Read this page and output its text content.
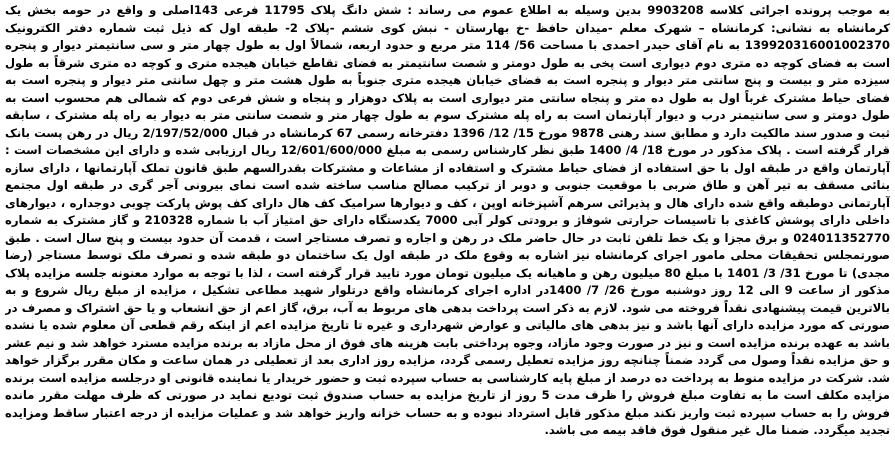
به موجب پرونده اجرائی کلاسه 9903208 بدین وسیله به اطلاع عموم می رساند : شش دانگ پلاک 11795 فرعی 143اصلی و واقع در حومه بخش یک کرمانشاه به نشانی: کرمانشاه – شهرک معلم -میدان حافظ -خ بهارستان - نبش کوی ششم -پلاک 2- طبقه اول که ذیل ثبت شماره دفتر الکترونیک 139920316001002370 به نام آقای حیدر احمدی با مساحت 56/ 114 متر مربع و حدود اربعه، شمالاً اول به طول چهار متر و سی سانتیمتر دیوار و پنجره است به فضای کوچه ده متری دوم دیواری است پخی به طول دومتر و شصت سانتیمتر به فضای تقاطع خیابان هیجده متری و کوچه ده متری شرقاً به طول سیزده متر و بیست و پنج سانتی متر دیوار و پنجره است به فضای خیابان هیجده متری جنوباً به طول هشت متر و چهل سانتی متر دیوار و پنجره است به فضای حیاط مشترک غرباً اول به طول ده متر و پنجاه سانتی متر دیواری است به پلاک دوهزار و پنجاه و شش فرعی دوم که شمالی هم محسوب است به طول دومتر و سی سانتیمتر درب و دیوار آپارتمان است به راه پله مشترک سوم به طول چهار متر و شصت سانتی متر به دیوار به راه پله مشترک ، سابقه ثبت و صدور سند مالکیت دارد و مطابق سند رهنی 9878 مورخ 15/ 12/ 1396 دفترخانه رسمی 67 کرمانشاه در قبال 2/197/52/000 ریال در رهن پست بانک قرار گرفته است . پلاک مذکور در مورخ 18/ 4/ 1400 طبق نظر کارشناس رسمی به مبلغ 12/601/600/000 ریال ارزیابی شده و دارای این مشخصات است : آپارتمان واقع در طبقه اول با حق استفاده از فضای حیاط مشترک و استفاده از مشاعات و مشترکات بقدرالسهم طبق قانون تملک آپارتمانها ، دارای سازه بنائی مسقف به تیر آهن و طاق ضربی با موقعیت جنوبی و دوبر از ترکیب مصالح مناسب ساخته شده است نمای بیرونی آجر گری در طبقه اول مجتمع آپارتمانی دوطبقه واقع شده دارای هال و پذیرائی سرهم آشپزخانه اوپن ، کف و دیوارها سرامیک کف هال دارای کف پوش پارکت چوبی دوجداره ، دیوارهای داخلی دارای پوشش کاغذی با تاسیسات حرارتی شوفاژ و برودتی کولر آبی 7000 یکدستگاه دارای حق امتیاز آب با شماره 210328 و گاز مشترک به شماره 024011352770 و برق مجزا و یک خط تلفن ثابت در حال حاضر ملک در رهن و اجاره و تصرف مستاجر است ، قدمت آن حدود بیست و پنج سال است . طبق صورتمجلس تحقیقات محلی مامور اجرای کرمانشاه نیز اشاره به وقوع ملک در طبقه اول یک ساختمان دو طبقه شده و تصرف ملک توسط مستاجر (رضا مجدی) تا مورخ 31/ 3/ 1401 با مبلغ 80 میلیون رهن و ماهیانه یک میلیون تومان مورد تایید قرار گرفته است ، لذا با توجه به موارد معنونه جلسه مزایده پلاک مذکور از ساعت 9 الی 12 روز دوشنبه مورخ 26/ 7/ 1400در اداره اجرای کرمانشاه واقع درتلوار شهید مطاعی تشکیل ، مزایده از مبلغ ریال شروع و به بالاترین قیمت پیشنهادی نقداً فروخته می شود. لازم به ذکر است پرداخت بدهی های مربوط به آب، برق، گاز اعم از حق انشعاب و یا حق اشتراک و مصرف در صورتی که مورد مزایده دارای آنها باشد و نیز بدهی های مالیاتی و عوارض شهرداری و غیره تا تاریخ مزایده اعم از اینکه رقم قطعی آن معلوم شده یا نشده باشد به عهده برنده مزایده است و نیز در صورت وجود مازاد، وجوه پرداختی بابت هزینه های فوق از محل مازاد به برنده مزایده مسترد خواهد شد و نیم عشر و حق مزایده نقداً وصول می گردد ضمناً چنانچه روز مزایده تعطیل رسمی گردد، مزایده روز اداری بعد از تعطیلی در همان ساعت و مکان مقرر برگزار خواهد شد. شرکت در مزایده منوط به پرداخت ده درصد از مبلغ پایه کارشناسی به حساب سپرده ثبت و حضور خریدار یا نماینده قانونی او درجلسه مزایده است برنده مزایده مکلف است ما به تفاوت مبلغ فروش را ظرف مدت 5 روز از تاریخ مزایده به حساب صندوق ثبت تودیع نماید در صورتی که ظرف مهلت مقرر مانده فروش را به حساب سپرده ثبت واریز نکند مبلغ مذکور قابل استرداد نبوده و به حساب خزانه واریز خواهد شد و عملیات مزایده از درجه اعتبار ساقط ومزایده تجدید میگردد. ضمنا مال غیر منقول فوق فاقد بیمه می باشد.
